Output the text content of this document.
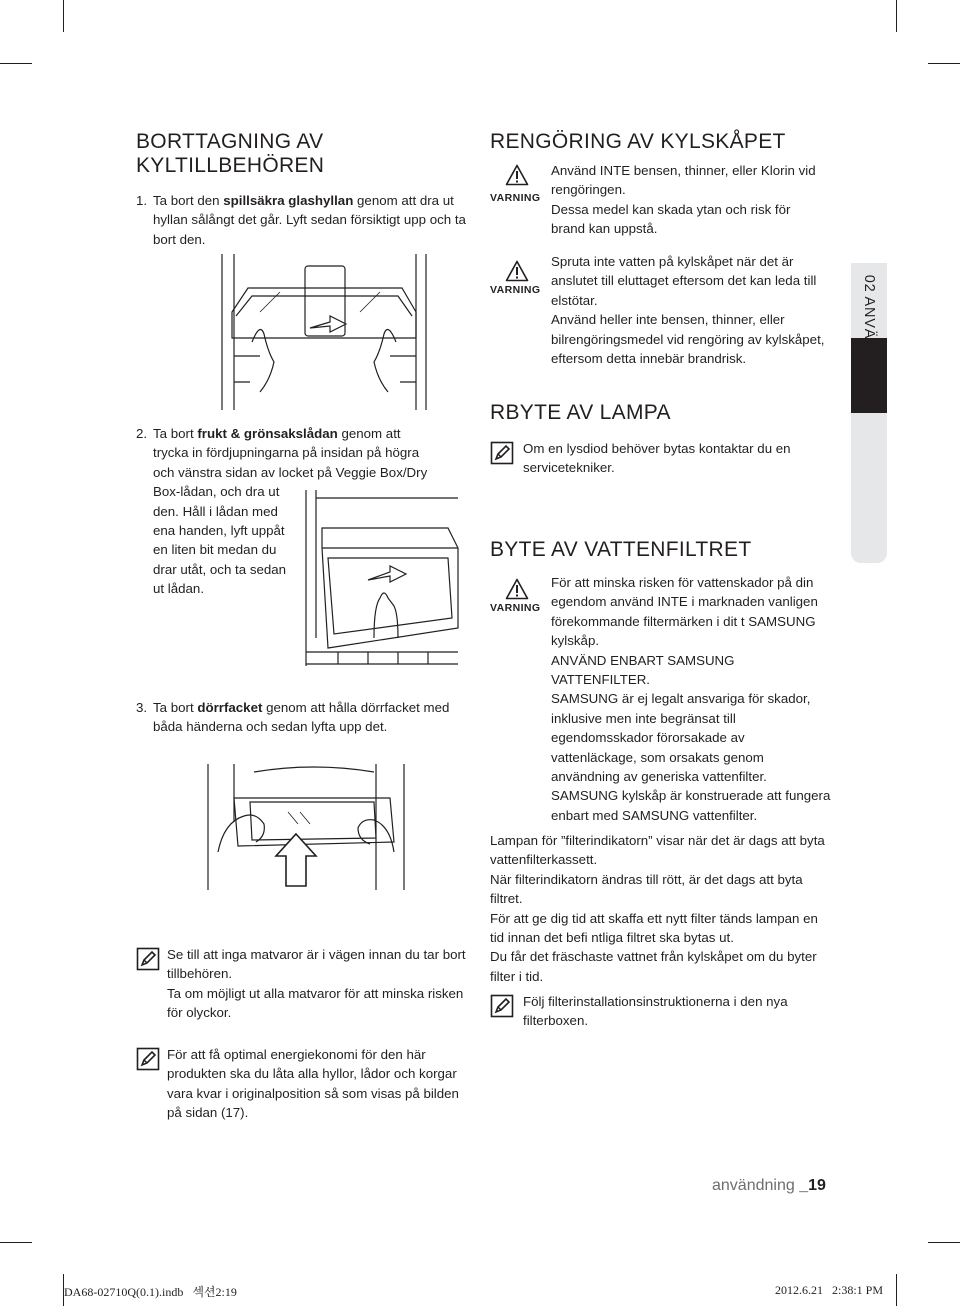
BORTTAGNING AV
KYLTILLBEHÖREN
1. Ta bort den spillsäkra glashyllan genom att dra ut hyllan sålångt det går. Lyft sedan försiktigt upp och ta bort den.
2. Ta bort frukt & grönsakslådan genom att
trycka in fördjupningarna på insidan på högra
och vänstra sidan av locket på Veggie Box/Dry
Box-lådan, och dra ut
den. Håll i lådan med
ena handen, lyft uppåt
en liten bit medan du
drar utåt, och ta sedan
ut lådan.
3. Ta bort dörrfacket genom att hålla dörrfacket med båda händerna och sedan lyfta upp det.
Se till att inga matvaror är i vägen innan du tar bort tillbehören.
Ta om möjligt ut alla matvaror för att minska risken för olyckor.
För att få optimal energiekonomi för den här produkten ska du låta alla hyllor, lådor och korgar vara kvar i originalposition så som visas på bilden på sidan (17).
RENGÖRING AV KYLSKÅPET
VARNING
Använd INTE bensen, thinner, eller Klorin vid rengöringen.
Dessa medel kan skada ytan och risk för brand kan uppstå.
VARNING
Spruta inte vatten på kylskåpet när det är anslutet till eluttaget eftersom det kan leda till elstötar.
Använd heller inte bensen, thinner, eller bilrengöringsmedel vid rengöring av kylskåpet, eftersom detta innebär brandrisk.
RBYTE AV LAMPA
Om en lysdiod behöver bytas kontaktar du en servicetekniker.
BYTE AV VATTENFILTRET
VARNING
För att minska risken för vattenskador på din egendom använd INTE i marknaden vanligen förekommande filtermärken i dit t SAMSUNG kylskåp.
ANVÄND ENBART SAMSUNG VATTENFILTER.
SAMSUNG är ej legalt ansvariga för skador, inklusive men inte begränsat till egendomsskador förorsakade av vattenläckage, som orsakats genom användning av generiska vattenfilter.
SAMSUNG kylskåp är konstruerade att fungera enbart med SAMSUNG vattenfilter.
Lampan för ”filterindikatorn” visar när det är dags att byta vattenfilterkassett.
När filterindikatorn ändras till rött, är det dags att byta filtret.
För att ge dig tid att skaffa ett nytt filter tänds lampan en tid innan det befi ntliga filtret ska bytas ut.
Du får det fräschaste vattnet från kylskåpet om du byter filter i tid.
Följ filterinstallationsinstruktionerna i den nya filterboxen.
02 ANVÄNDNING
användning _19
DA68-02710Q(0.1).indb   섹션2:19	2012.6.21   2:38:1 PM
